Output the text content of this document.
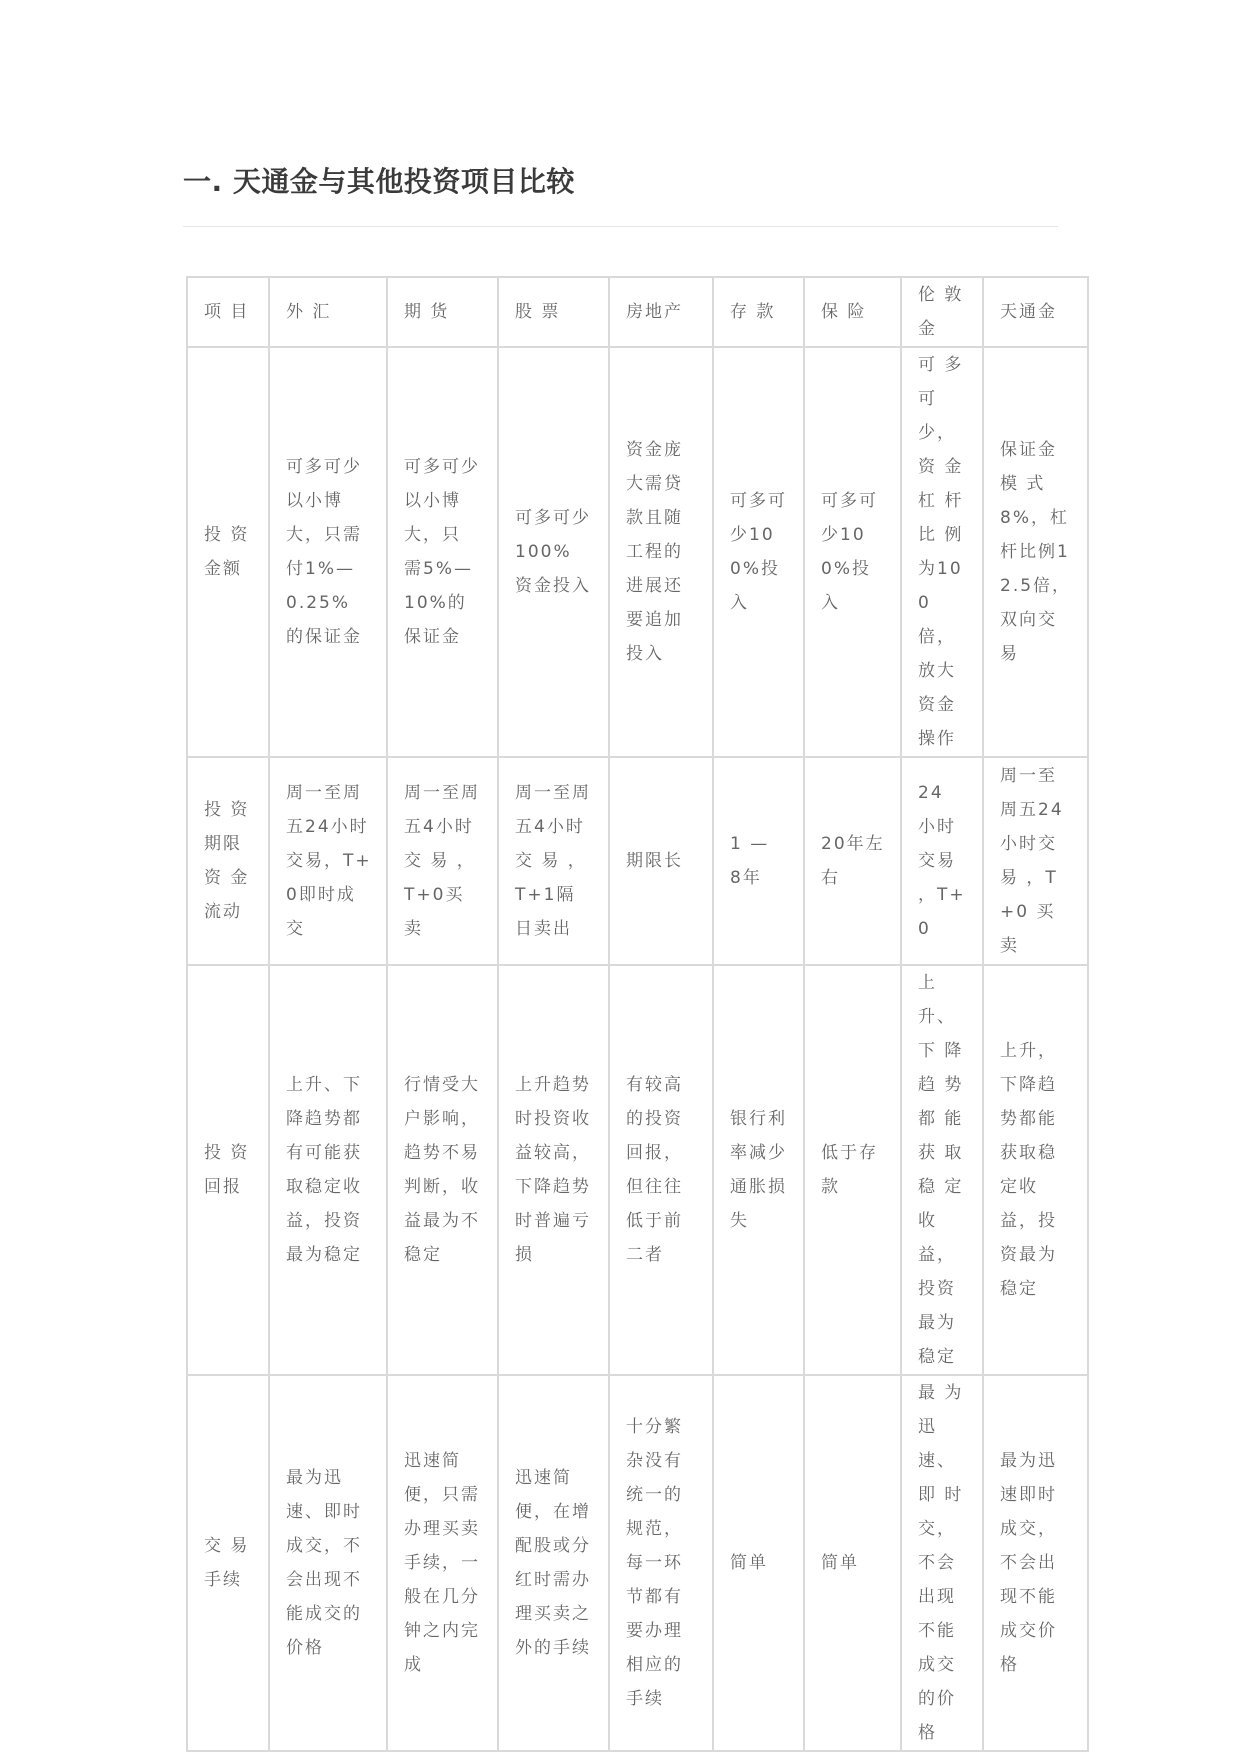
一. 天通金与其他投资项目比较
项 目	外 汇	期 货	股 票	房地产	存 款	保 险	伦 敦金	天通金
投 资金额	可多可少以小博大，只需付1%—0.25% 的保证金	可多可少以小博大，只 需5%—10%的保证金	可多可少100% 资金投入	资金庞大需贷款且随工程的进展还要追加投入	可多可少100%投入	可多可少100%投入	可 多可少，资 金杠 杆比 例为100倍，放大 资金 操作	保证金模 式8%，杠杆比例12.5倍，双向交易
投 资期限资 金流动	周一至周五24小时交易，T+0即时成交	周一至周五4小时交 易 ，T+0买卖	周一至周五4小时交 易 ，T+1隔日卖出	期限长	1 — 8年	20年左右	24 小时 交易 ，T+0	周一至周五24小时交易 ，T+0 买卖
投 资回报	上升、下降趋势都有可能获取稳定收益，投资最为稳定	行情受大户影响，趋势不易判断，收益最为不稳定	上升趋势时投资收益较高，下降趋势时普遍亏损	有较高的投资回报，但往往低于前二者	银行利率减少通胀损失	低于存款	上升、下 降趋 势都 能获 取稳 定收益，投资 最为 稳定	上升，下降趋势都能获取稳定收益，投资最为稳定
交 易手续	最为迅速、即时成交，不会出现不能成交的价格	迅速简便，只需办理买卖手续，一般在几分钟之内完成	迅速简便，在增配股或分红时需办理买卖之外的手续	十分繁杂没有统一的规范，每一环节都有要办理相应的手续	简单	简单	最 为迅速、即 时交，不会 出现 不能 成交 的价格	最为迅速即时成交，不会出现不能成交价格
